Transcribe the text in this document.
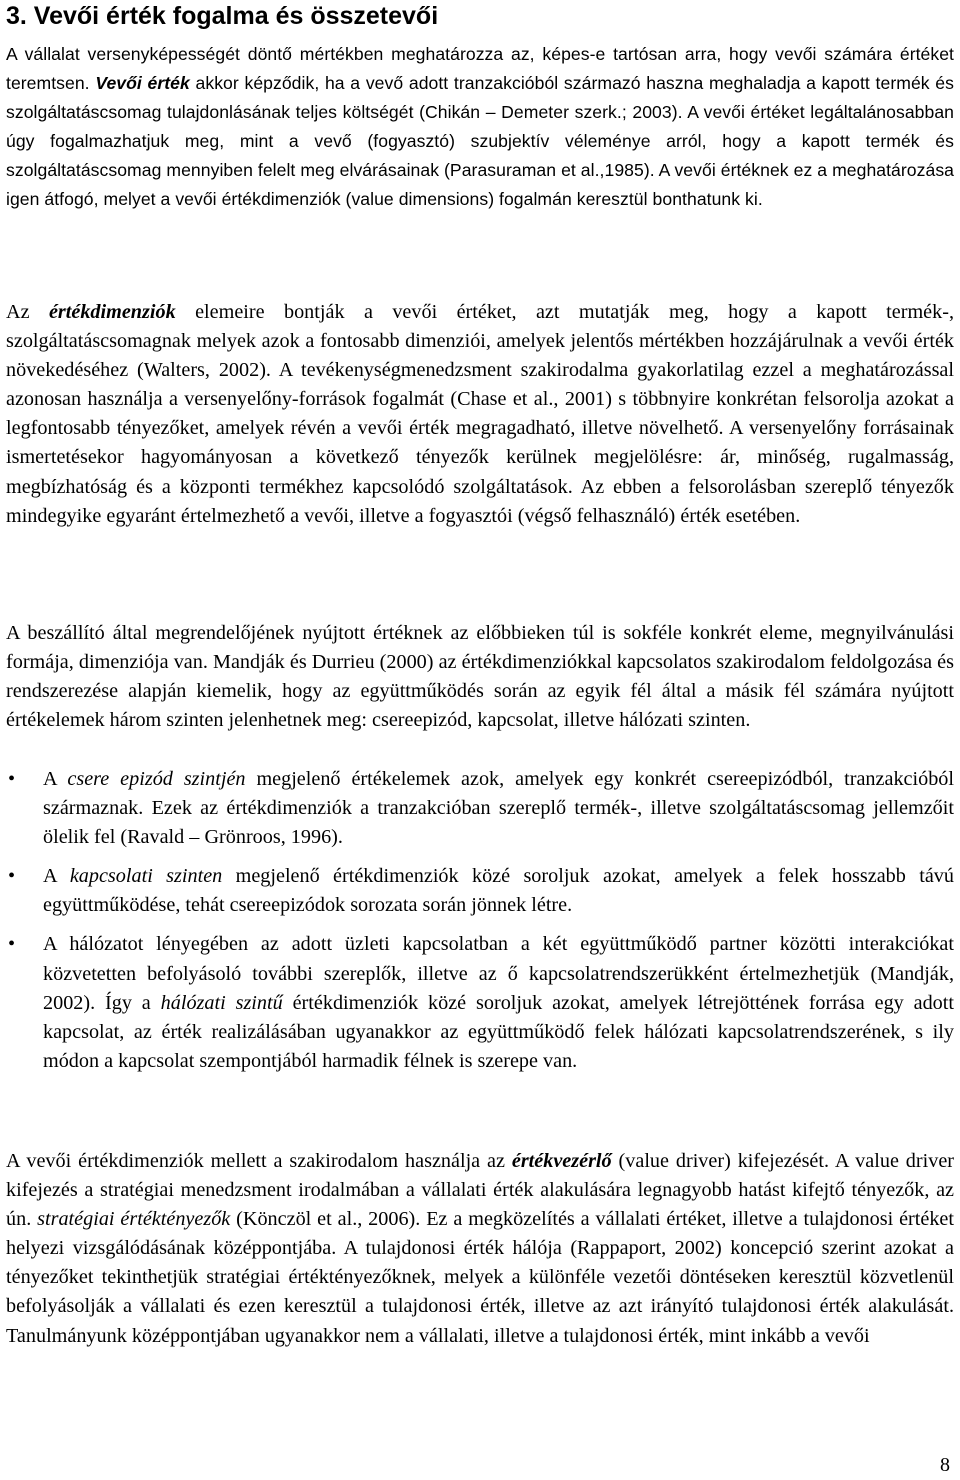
3. Vevői érték fogalma és összetevői

A vállalat versenyképességét döntő mértékben meghatározza az, képes-e tartósan arra, hogy vevői számára értéket teremtsen. Vevői érték akkor képződik, ha a vevő adott tranzakcióból származó haszna meghaladja a kapott termék és szolgáltatáscsomag tulajdonlásának teljes költségét (Chikán – Demeter szerk.; 2003). A vevői értéket legáltalánosabban úgy fogalmazhatjuk meg, mint a vevő (fogyasztó) szubjektív véleménye arról, hogy a kapott termék és szolgáltatáscsomag mennyiben felelt meg elvárásainak (Parasuraman et al.,1985). A vevői értéknek ez a meghatározása igen átfogó, melyet a vevői értékdimenziók (value dimensions) fogalmán keresztül bonthatunk ki.

Az értékdimenziók elemeire bontják a vevői értéket, azt mutatják meg, hogy a kapott termék-, szolgáltatáscsomagnak melyek azok a fontosabb dimenziói, amelyek jelentős mértékben hozzájárulnak a vevői érték növekedéséhez (Walters, 2002). A tevékenységmenedzsment szakirodalma gyakorlatilag ezzel a meghatározással azonosan használja a versenyelőny-források fogalmát (Chase et al., 2001) s többnyire konkrétan felsorolja azokat a legfontosabb tényezőket, amelyek révén a vevői érték megragadható, illetve növelhető. A versenyelőny forrásainak ismertetésekor hagyományosan a következő tényezők kerülnek megjelölésre: ár, minőség, rugalmasság, megbízhatóság és a központi termékhez kapcsolódó szolgáltatások. Az ebben a felsorolásban szereplő tényezők mindegyike egyaránt értelmezhető a vevői, illetve a fogyasztói (végső felhasználó) érték esetében.

A beszállító által megrendelőjének nyújtott értéknek az előbbieken túl is sokféle konkrét eleme, megnyilvánulási formája, dimenziója van. Mandják és Durrieu (2000) az értékdimenziókkal kapcsolatos szakirodalom feldolgozása és rendszerezése alapján kiemelik, hogy az együttműködés során az egyik fél által a másik fél számára nyújtott értékelemek három szinten jelenhetnek meg: csereepizód, kapcsolat, illetve hálózati szinten.

• A csere epizód szintjén megjelenő értékelemek azok, amelyek egy konkrét csereepizódból, tranzakcióból származnak. Ezek az értékdimenziók a tranzakcióban szereplő termék-, illetve szolgáltatáscsomag jellemzőit ölelik fel (Ravald – Grönroos, 1996).
• A kapcsolati szinten megjelenő értékdimenziók közé soroljuk azokat, amelyek a felek hosszabb távú együttműködése, tehát csereepizódok sorozata során jönnek létre.
• A hálózatot lényegében az adott üzleti kapcsolatban a két együttműködő partner közötti interakciókat közvetetten befolyásoló további szereplők, illetve az ő kapcsolatrendszerükként értelmezhetjük (Mandják, 2002). Így a hálózati szintű értékdimenziók közé soroljuk azokat, amelyek létrejöttének forrása egy adott kapcsolat, az érték realizálásában ugyanakkor az együttműködő felek hálózati kapcsolatrendszerének, s ily módon a kapcsolat szempontjából harmadik félnek is szerepe van.

A vevői értékdimenziók mellett a szakirodalom használja az értékvezérlő (value driver) kifejezését. A value driver kifejezés a stratégiai menedzsment irodalmában a vállalati érték alakulására legnagyobb hatást kifejtő tényezők, az ún. stratégiai értéktényezők (Könczöl et al., 2006). Ez a megközelítés a vállalati értéket, illetve a tulajdonosi értéket helyezi vizsgálódásának középpontjába. A tulajdonosi érték hálója (Rappaport, 2002) koncepció szerint azokat a tényezőket tekinthetjük stratégiai értéktényezőknek, melyek a különféle vezetői döntéseken keresztül közvetlenül befolyásolják a vállalati és ezen keresztül a tulajdonosi érték, illetve az azt irányító tulajdonosi érték alakulását. Tanulmányunk középpontjában ugyanakkor nem a vállalati, illetve a tulajdonosi érték, mint inkább a vevői

8
